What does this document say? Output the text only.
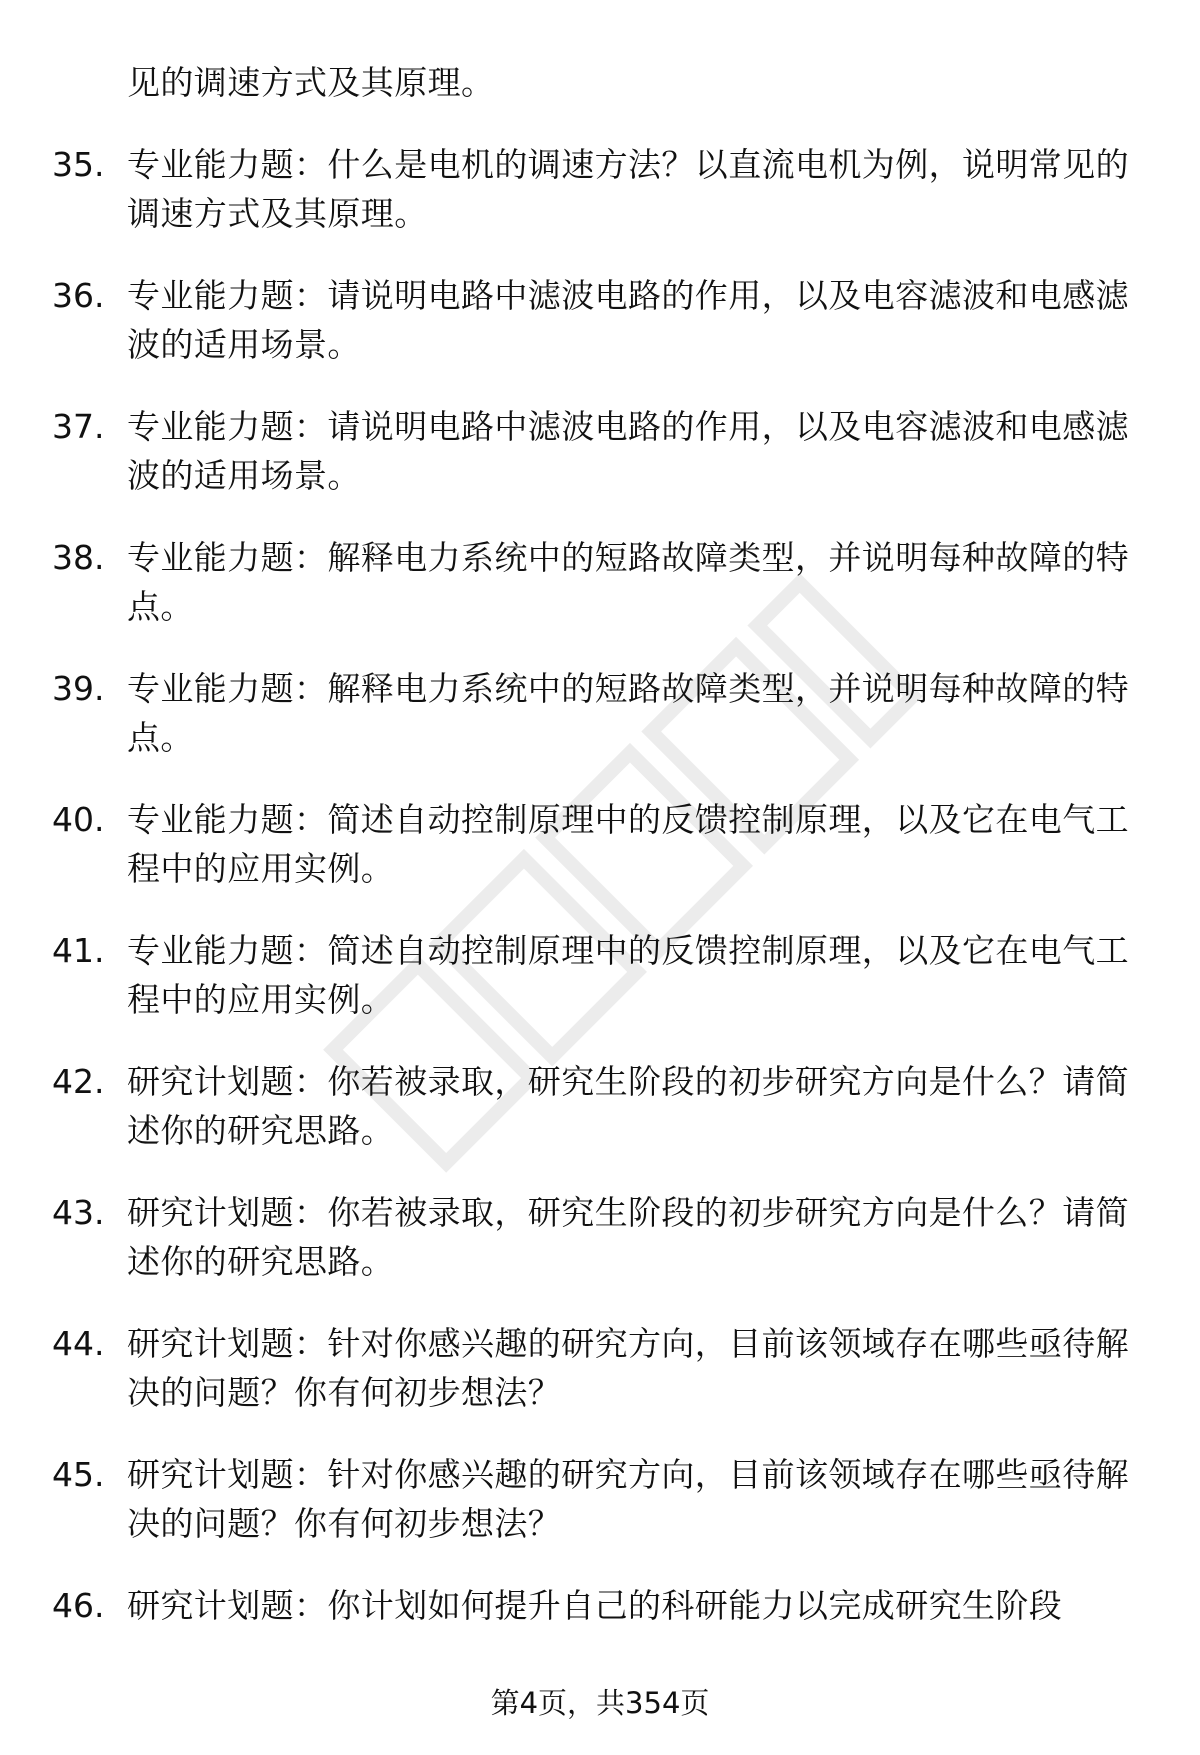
见的调速方式及其原理。
35. 专业能力题：什么是电机的调速方法？以直流电机为例，说明常见的调速方式及其原理。
36. 专业能力题：请说明电路中滤波电路的作用，以及电容滤波和电感滤波的适用场景。
37. 专业能力题：请说明电路中滤波电路的作用，以及电容滤波和电感滤波的适用场景。
38. 专业能力题：解释电力系统中的短路故障类型，并说明每种故障的特点。
39. 专业能力题：解释电力系统中的短路故障类型，并说明每种故障的特点。
40. 专业能力题：简述自动控制原理中的反馈控制原理，以及它在电气工程中的应用实例。
41. 专业能力题：简述自动控制原理中的反馈控制原理，以及它在电气工程中的应用实例。
42. 研究计划题：你若被录取，研究生阶段的初步研究方向是什么？请简述你的研究思路。
43. 研究计划题：你若被录取，研究生阶段的初步研究方向是什么？请简述你的研究思路。
44. 研究计划题：针对你感兴趣的研究方向，目前该领域存在哪些亟待解决的问题？你有何初步想法？
45. 研究计划题：针对你感兴趣的研究方向，目前该领域存在哪些亟待解决的问题？你有何初步想法？
46. 研究计划题：你计划如何提升自己的科研能力以完成研究生阶段
第4页，共354页
